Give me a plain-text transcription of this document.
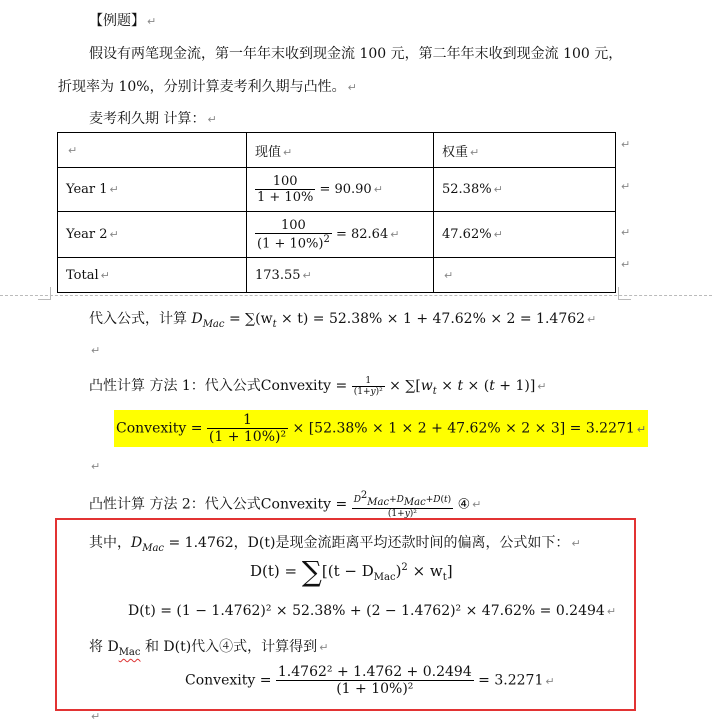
【例题】 ↵
假设有两笔现金流，第一年年末收到现金流 100 元，第二年年末收到现金流 100 元，
折现率为 10%，分别计算麦考利久期与凸性。 ↵
麦考利久期 计算： ↵
↵	现值 ↵	权重 ↵
Year 1 ↵	$\frac{100}{1 + 10\%} = 90.90$ ↵	52.38% ↵
Year 2 ↵	$\frac{100}{(1 + 10\%)^2} = 82.64$ ↵	47.62% ↵
Total ↵	173.55 ↵	↵
↵
↵
↵
↵
代入公式，计算 $D_{Mac} = \sum(w_t \times t) = 52.38\% \times 1 + 47.62\% \times 2 = 1.4762$ ↵
↵
凸性计算 方法 1：代入公式Convexity = $\frac{1}{\text{(1+y)²}} \times \sum[w_t \times t \times (t + 1)]$ ↵
Convexity = $\frac{1}{\text{(1 + 10\%)²}} \times [52.38\% \times 1 \times 2 + 47.62\% \times 2 \times 3] = 3.2271$ ↵
↵
凸性计算 方法 2：代入公式Convexity = $\frac{D^2_{Mac}+D_{Mac}+D(t)}{\text{(1+y)²}}$ ④ ↵
其中，$D_{Mac} = 1.4762$，D(t)是现金流距离平均还款时间的偏离，公式如下： ↵
$D(t) = \sum[(t - D_{Mac})^2 \times w_t]$
D(t) = (1 − 1.4762)² × 52.38% + (2 − 1.4762)² × 47.62% = 0.2494 ↵
将 $D_{Mac}$ 和 D(t)代入④式，计算得到 ↵
Convexity = $\frac{\text{1.4762² + 1.4762 + 0.2494}}{\text{(1 + 10\%)²}} = 3.2271$ ↵
↵
